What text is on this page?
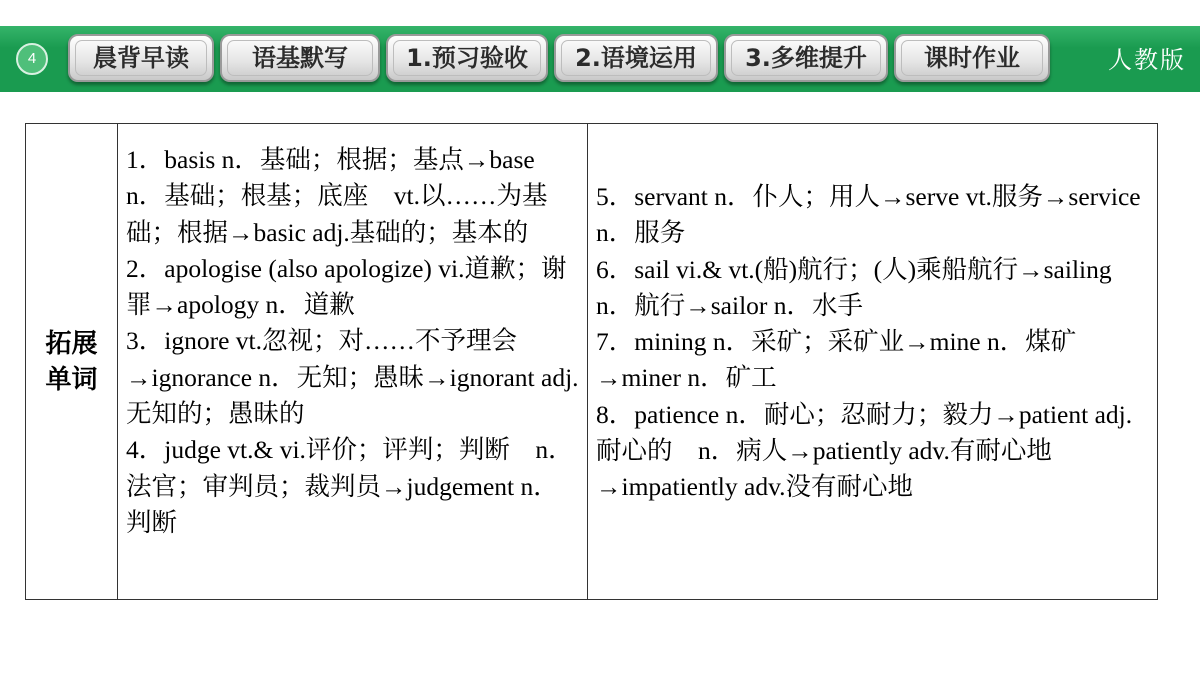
4	晨背早读	语基默写	1.预习验收	2.语境运用	3.多维提升	课时作业	人教版
拓展单词
1．basis n．基础；根据；基点→base n．基础；根基；底座　vt.以……为基础；根据→basic adj.基础的；基本的
2．apologise (also apologize) vi.道歉；谢罪→apology n．道歉
3．ignore vt.忽视；对……不予理会→ignorance n．无知；愚昧→ignorant adj.无知的；愚昧的
4．judge vt.& vi.评价；评判；判断　n．法官；审判员；裁判员→judgement n．判断
5．servant n．仆人；用人→serve vt.服务→service n．服务
6．sail vi.& vt.(船)航行；(人)乘船航行→sailing n．航行→sailor n．水手
7．mining n．采矿；采矿业→mine n．煤矿→miner n．矿工
8．patience n．耐心；忍耐力；毅力→patient adj.耐心的　n．病人→patiently adv.有耐心地→impatiently adv.没有耐心地
